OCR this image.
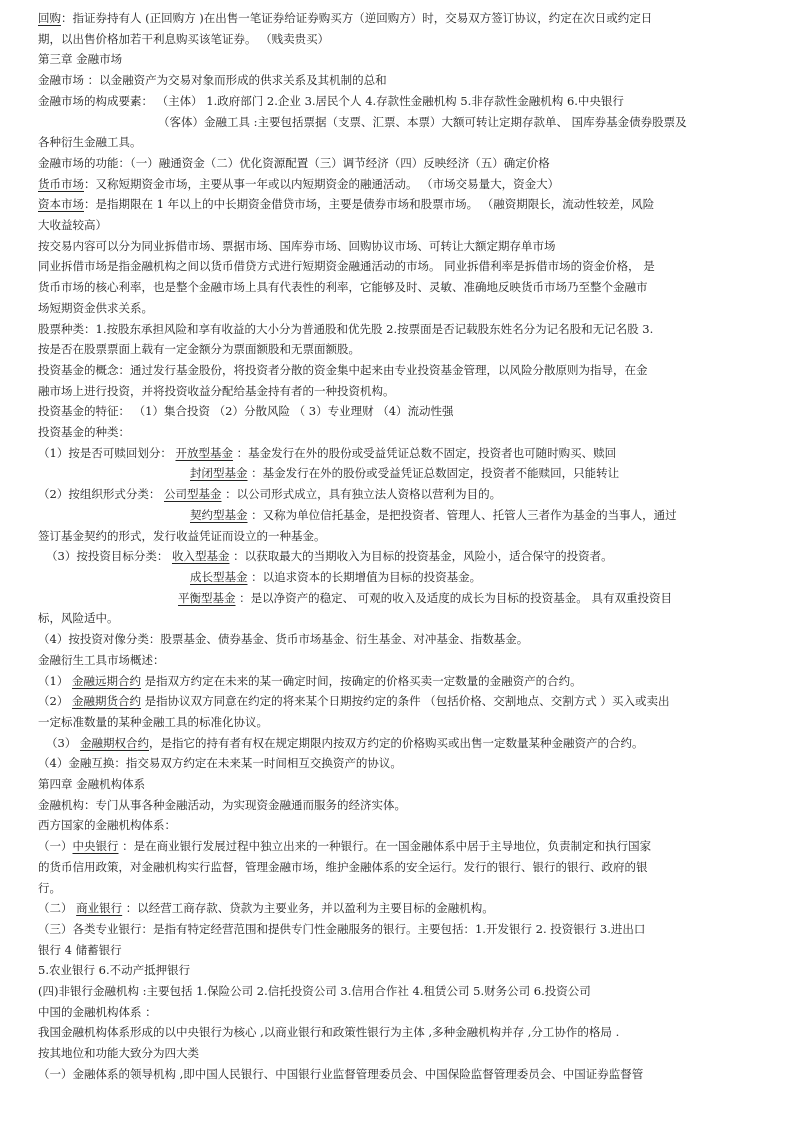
回购：指证券持有人 (正回购方 )在出售一笔证券给证券购买方（逆回购方）时，交易双方签订协议，约定在次日或约定日
期，以出售价格加若干利息购买该笔证券。 （贱卖贵买）
第三章 金融市场
金融市场 ：以金融资产为交易对象而形成的供求关系及其机制的总和
金融市场的构成要素： （主体） 1.政府部门 2.企业 3.居民个人 4.存款性金融机构 5.非存款性金融机构 6.中央银行
（客体）金融工具 :主要包括票据（支票、汇票、本票）大额可转让定期存款单、 国库券基金债券股票及
各种衍生金融工具。
金融市场的功能：（一）融通资金（二）优化资源配置（三）调节经济（四）反映经济（五）确定价格
货币市场：又称短期资金市场，主要从事一年或以内短期资金的融通活动。 （市场交易量大，资金大）
资本市场：是指期限在 1 年以上的中长期资金借贷市场，主要是债券市场和股票市场。 （融资期限长，流动性较差，风险
大收益较高）
按交易内容可以分为同业拆借市场、票据市场、国库券市场、回购协议市场、可转让大额定期存单市场
同业拆借市场是指金融机构之间以货币借贷方式进行短期资金融通活动的市场。 同业拆借利率是拆借市场的资金价格， 是
货币市场的核心利率，也是整个金融市场上具有代表性的利率，它能够及时、灵敏、准确地反映货币市场乃至整个金融市
场短期资金供求关系。
股票种类：1.按股东承担风险和享有收益的大小分为普通股和优先股 2.按票面是否记载股东姓名分为记名股和无记名股 3.
按是否在股票票面上载有一定金额分为票面额股和无票面额股。
投资基金的概念：通过发行基金股份，将投资者分散的资金集中起来由专业投资基金管理，以风险分散原则为指导，在金
融市场上进行投资，并将投资收益分配给基金持有者的一种投资机构。
投资基金的特征： （1）集合投资 （2）分散风险 （ 3）专业理财 （4）流动性强
投资基金的种类：
（1）按是否可赎回划分： 开放型基金 ：基金发行在外的股份或受益凭证总数不固定，投资者也可随时购买、赎回
封闭型基金 ：基金发行在外的股份或受益凭证总数固定，投资者不能赎回，只能转让
（2）按组织形式分类： 公司型基金 ：以公司形式成立，具有独立法人资格以营利为目的。
契约型基金 ：又称为单位信托基金，是把投资者、管理人、托管人三者作为基金的当事人，通过
签订基金契约的形式，发行收益凭证而设立的一种基金。
（3）按投资目标分类： 收入型基金 ：以获取最大的当期收入为目标的投资基金，风险小，适合保守的投资者。
成长型基金 ：以追求资本的长期增值为目标的投资基金。
平衡型基金 ：是以净资产的稳定、 可观的收入及适度的成长为目标的投资基金。 具有双重投资目
标，风险适中。
（4）按投资对像分类：股票基金、债券基金、货币市场基金、衍生基金、对冲基金、指数基金。
金融衍生工具市场概述：
（1） 金融远期合约 是指双方约定在未来的某一确定时间，按确定的价格买卖一定数量的金融资产的合约。
（2） 金融期货合约 是指协议双方同意在约定的将来某个日期按约定的条件 （包括价格、交割地点、交割方式 ）买入或卖出
一定标准数量的某种金融工具的标准化协议。
（3） 金融期权合约，是指它的持有者有权在规定期限内按双方约定的价格购买或出售一定数量某种金融资产的合约。
（4）金融互换：指交易双方约定在未来某一时间相互交换资产的协议。
第四章 金融机构体系
金融机构：专门从事各种金融活动，为实现资金融通而服务的经济实体。
西方国家的金融机构体系：
（一）中央银行 ：是在商业银行发展过程中独立出来的一种银行。在一国金融体系中居于主导地位，负责制定和执行国家
的货币信用政策，对金融机构实行监督，管理金融市场，维护金融体系的安全运行。发行的银行、银行的银行、政府的银
行。
（二） 商业银行 ：以经营工商存款、贷款为主要业务，并以盈利为主要目标的金融机构。
（三）各类专业银行：是指有特定经营范围和提供专门性金融服务的银行。主要包括：1.开发银行 2. 投资银行 3.进出口
银行 4 储蓄银行
5.农业银行 6.不动产抵押银行
(四)非银行金融机构 :主要包括 1.保险公司 2.信托投资公司 3.信用合作社 4.租赁公司 5.财务公司 6.投资公司
中国的金融机构体系 ：
我国金融机构体系形成的以中央银行为核心 ,以商业银行和政策性银行为主体 ,多种金融机构并存 ,分工协作的格局 .
按其地位和功能大致分为四大类
（一）金融体系的领导机构 ,即中国人民银行、中国银行业监督管理委员会、中国保险监督管理委员会、中国证券监督管
